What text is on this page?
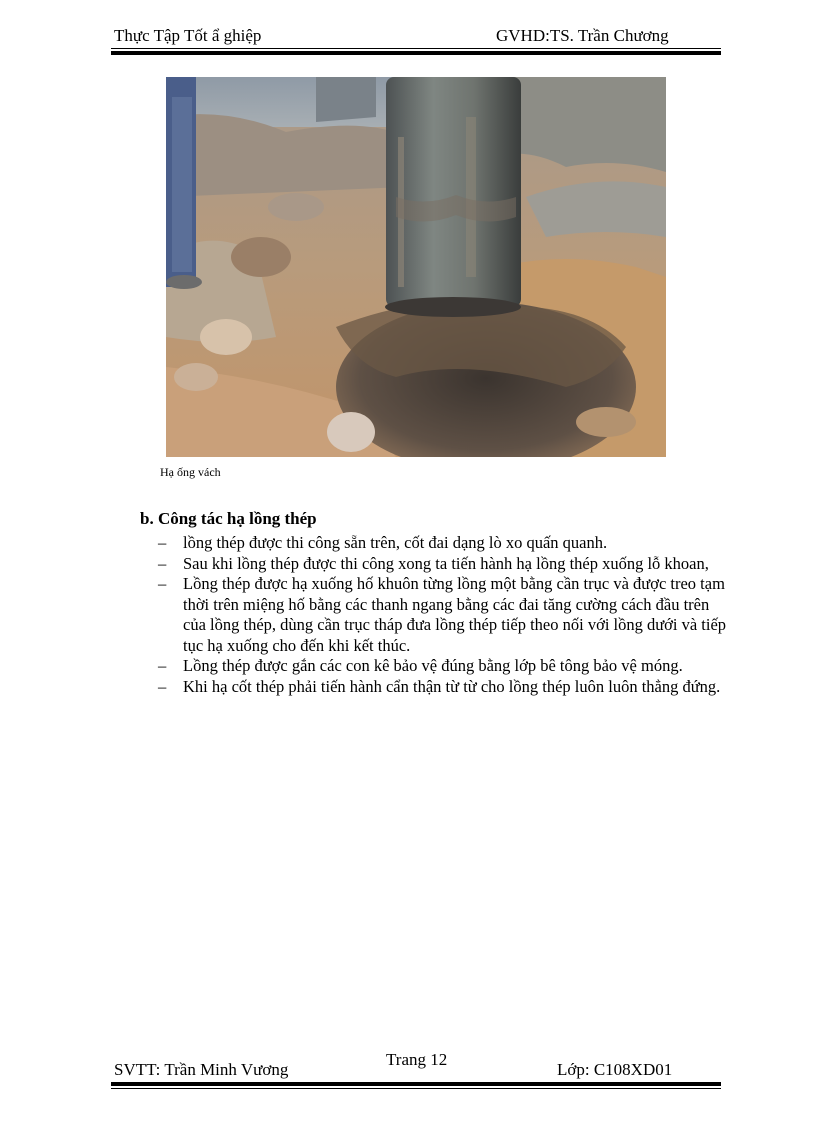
Thực Tập Tốt ẩ ghiệp	GVHD:TS. Trần Chương
Hạ ống vách
b. Công tác hạ lồng thép
– lồng thép được thi công sẵn trên, cốt đai dạng lò xo quấn quanh.
– Sau khi lồng thép được thi công xong ta tiến hành hạ lồng thép xuống lỗ khoan,
– Lồng thép được hạ xuống hố khuôn từng lồng một bằng cần trục và được treo tạm thời trên miệng hố bằng các thanh ngang bằng các đai tăng cường cách đầu trên của lồng thép, dùng cần trục tháp đưa lồng thép tiếp theo nối với lồng dưới và tiếp tục hạ xuống cho đến khi kết thúc.
– Lồng thép được gắn các con kê bảo vệ đúng bằng lớp bê tông bảo vệ móng.
– Khi hạ cốt thép phải tiến hành cẩn thận từ từ cho lồng thép luôn luôn thẳng đứng.
SVTT: Trần Minh Vương
Trang 12
Lớp: C108XD01
